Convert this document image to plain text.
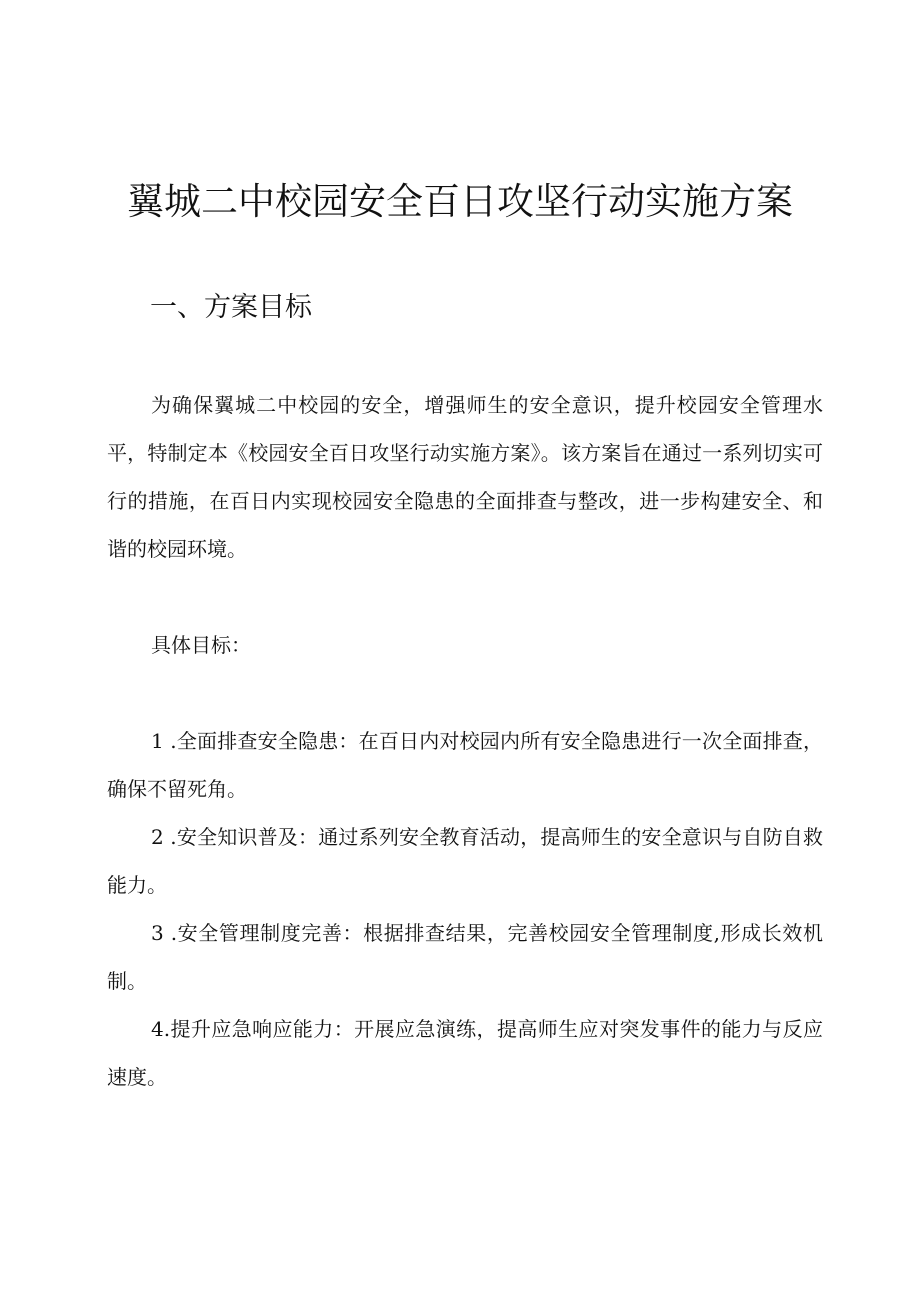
翼城二中校园安全百日攻坚行动实施方案
一、方案目标

为确保翼城二中校园的安全，增强师生的安全意识，提升校园安全管理水平，特制定本《校园安全百日攻坚行动实施方案》。该方案旨在通过一系列切实可行的措施，在百日内实现校园安全隐患的全面排查与整改，进一步构建安全、和谐的校园环境。

具体目标：

1 .全面排查安全隐患：在百日内对校园内所有安全隐患进行一次全面排查，确保不留死角。

2 .安全知识普及：通过系列安全教育活动，提高师生的安全意识与自防自救能力。

3 .安全管理制度完善：根据排查结果，完善校园安全管理制度,形成长效机制。

4.提升应急响应能力：开展应急演练，提高师生应对突发事件的能力与反应速度。
